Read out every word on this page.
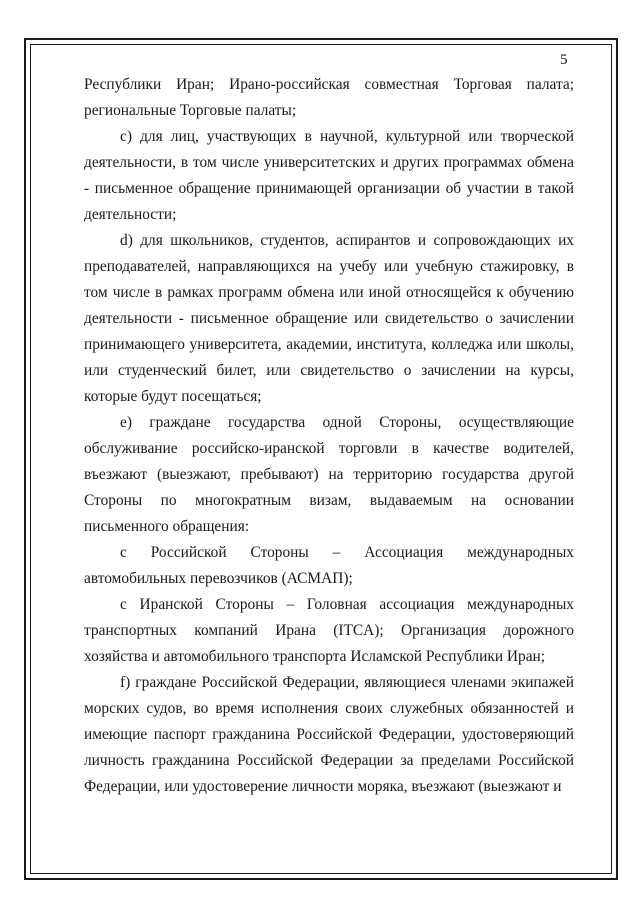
5

Республики Иран; Ирано-российская совместная Торговая палата; региональные Торговые палаты;

c) для лиц, участвующих в научной, культурной или творческой деятельности, в том числе университетских и других программах обмена - письменное обращение принимающей организации об участии в такой деятельности;

d) для школьников, студентов, аспирантов и сопровождающих их преподавателей, направляющихся на учебу или учебную стажировку, в том числе в рамках программ обмена или иной относящейся к обучению деятельности - письменное обращение или свидетельство о зачислении принимающего университета, академии, института, колледжа или школы, или студенческий билет, или свидетельство о зачислении на курсы, которые будут посещаться;

e) граждане государства одной Стороны, осуществляющие обслуживание российско-иранской торговли в качестве водителей, въезжают (выезжают, пребывают) на территорию государства другой Стороны по многократным визам, выдаваемым на основании письменного обращения:

с Российской Стороны – Ассоциация международных автомобильных перевозчиков (АСМАП);

с Иранской Стороны – Головная ассоциация международных транспортных компаний Ирана (ITCA); Организация дорожного хозяйства и автомобильного транспорта Исламской Республики Иран;

f) граждане Российской Федерации, являющиеся членами экипажей морских судов, во время исполнения своих служебных обязанностей и имеющие паспорт гражданина Российской Федерации, удостоверяющий личность гражданина Российской Федерации за пределами Российской Федерации, или удостоверение личности моряка, въезжают (выезжают и
